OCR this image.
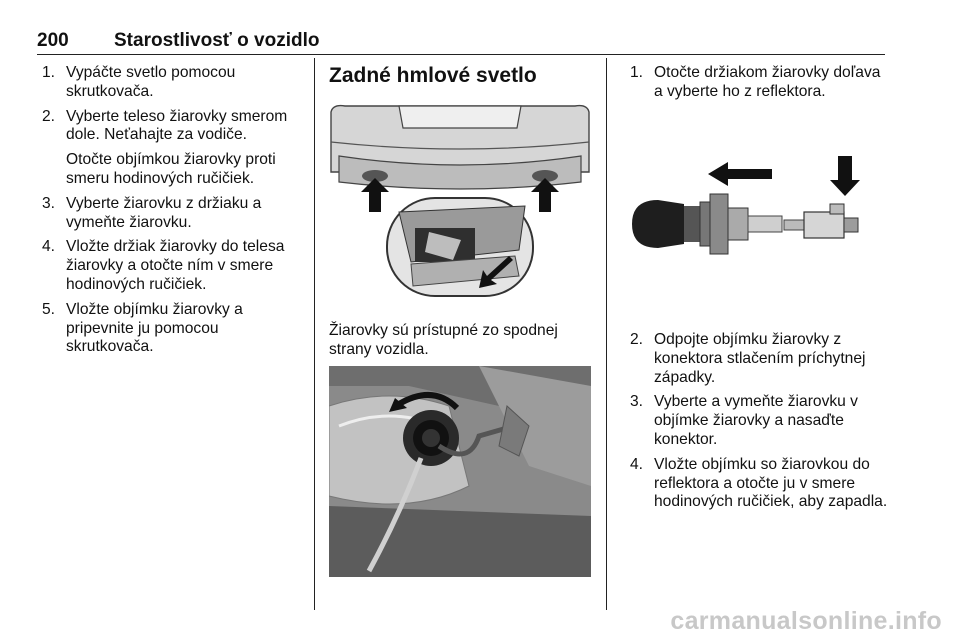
200 Starostlivosť o vozidlo
1. Vypáčte svetlo pomocou skrutkovača.
2. Vyberte teleso žiarovky smerom dole. Neťahajte za vodiče.

Otočte objímkou žiarovky proti smeru hodinových ručičiek.

3. Vyberte žiarovku z držiaku a vymeňte žiarovku.
4. Vložte držiak žiarovky do telesa žiarovky a otočte ním v smere hodinových ručičiek.
5. Vložte objímku žiarovky a pripevnite ju pomocou skrutkovača.
Zadné hmlové svetlo
Žiarovky sú prístupné zo spodnej strany vozidla.
1. Otočte držiakom žiarovky doľava a vyberte ho z reflektora.
2. Odpojte objímku žiarovky z konektora stlačením príchytnej západky.
3. Vyberte a vymeňte žiarovku v objímke žiarovky a nasaďte konektor.
4. Vložte objímku so žiarovkou do reflektora a otočte ju v smere hodinových ručičiek, aby zapadla.
carmanualsonline.info
